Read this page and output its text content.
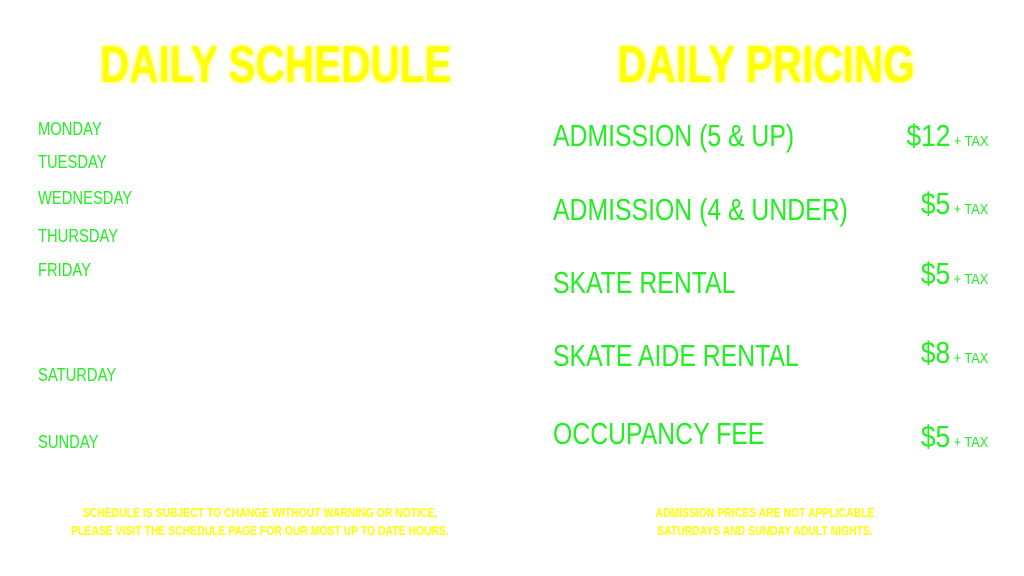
DAILY SCHEDULE	DAILY PRICING
MONDAY
TUESDAY
WEDNESDAY
THURSDAY
FRIDAY
SATURDAY
SUNDAY
ADMISSION (5 & UP)	$12 + TAX
ADMISSION (4 & UNDER) $5 + TAX
SKATE RENTAL	$5 + TAX
SKATE AIDE RENTAL	$8 + TAX
OCCUPANCY FEE	$5 + TAX
SCHEDULE IS SUBJECT TO CHANGE WITHOUT WARNING OR NOTICE,
PLEASE VISIT THE SCHEDULE PAGE FOR OUR MOST UP TO DATE HOURS.
ADMISSION PRICES ARE NOT APPLICABLE
SATURDAYS AND SUNDAY ADULT NIGHTS.
